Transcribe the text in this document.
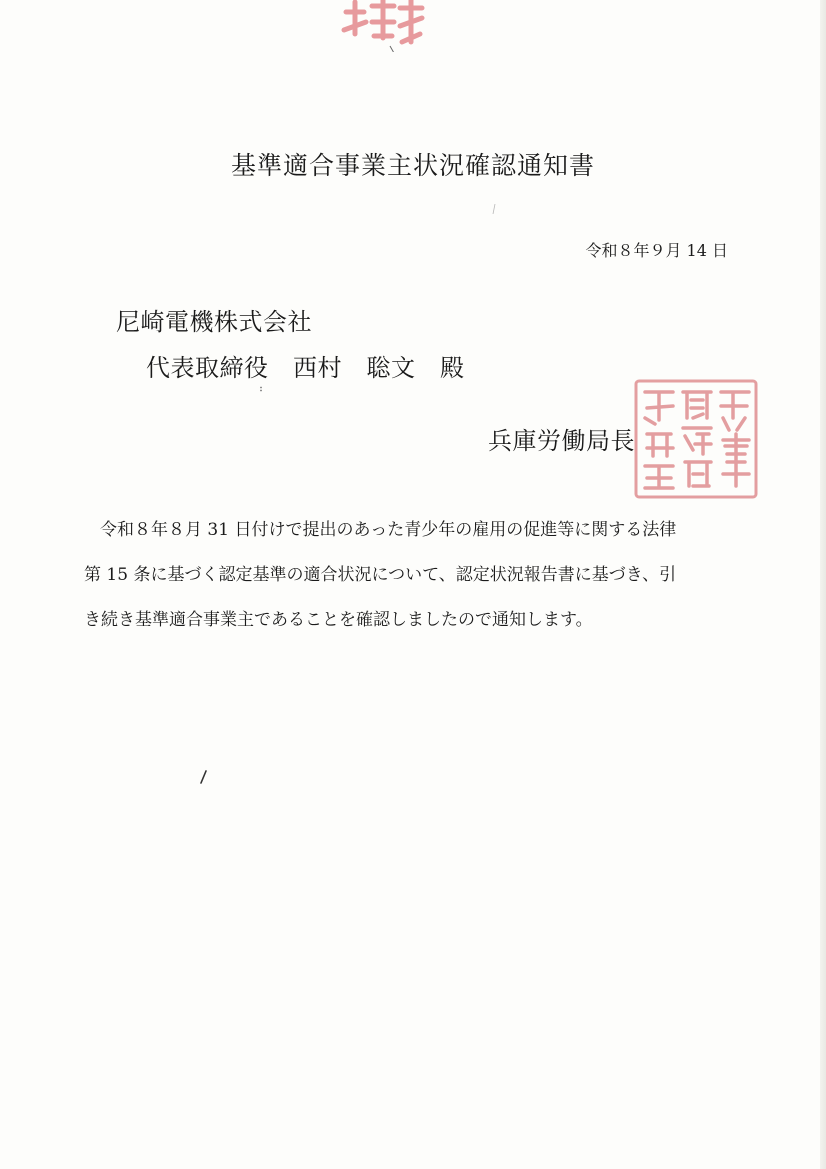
基準適合事業主状況確認通知書
令和８年９月 14 日
尼崎電機株式会社
代表取締役　西村　聡文　殿
兵庫労働局長

令和８年８月 31 日付けで提出のあった青少年の雇用の促進等に関する法律

第 15 条に基づく認定基準の適合状況について、認定状況報告書に基づき、引

き続き基準適合事業主であることを確認しましたので通知します。
